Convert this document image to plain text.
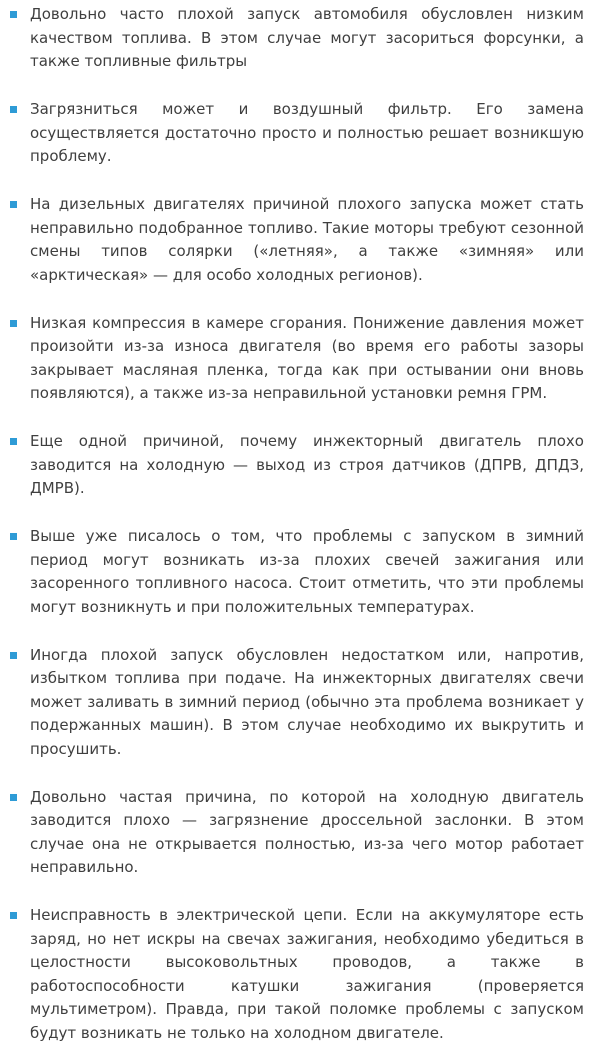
Довольно часто плохой запуск автомобиля обусловлен низким качеством топлива. В этом случае могут засориться форсунки, а также топливные фильтры
Загрязниться может и воздушный фильтр. Его замена осуществляется достаточно просто и полностью решает возникшую проблему.
На дизельных двигателях причиной плохого запуска может стать неправильно подобранное топливо. Такие моторы требуют сезонной смены типов солярки («летняя», а также «зимняя» или «арктическая» — для особо холодных регионов).
Низкая компрессия в камере сгорания. Понижение давления может произойти из-за износа двигателя (во время его работы зазоры закрывает масляная пленка, тогда как при остывании они вновь появляются), а также из-за неправильной установки ремня ГРМ.
Еще одной причиной, почему инжекторный двигатель плохо заводится на холодную — выход из строя датчиков (ДПРВ, ДПДЗ, ДМРВ).
Выше уже писалось о том, что проблемы с запуском в зимний период могут возникать из-за плохих свечей зажигания или засоренного топливного насоса. Стоит отметить, что эти проблемы могут возникнуть и при положительных температурах.
Иногда плохой запуск обусловлен недостатком или, напротив, избытком топлива при подаче. На инжекторных двигателях свечи может заливать в зимний период (обычно эта проблема возникает у подержанных машин). В этом случае необходимо их выкрутить и просушить.
Довольно частая причина, по которой на холодную двигатель заводится плохо — загрязнение дроссельной заслонки. В этом случае она не открывается полностью, из-за чего мотор работает неправильно.
Неисправность в электрической цепи. Если на аккумуляторе есть заряд, но нет искры на свечах зажигания, необходимо убедиться в целостности высоковольтных проводов, а также в работоспособности катушки зажигания (проверяется мультиметром). Правда, при такой поломке проблемы с запуском будут возникать не только на холодном двигателе.
